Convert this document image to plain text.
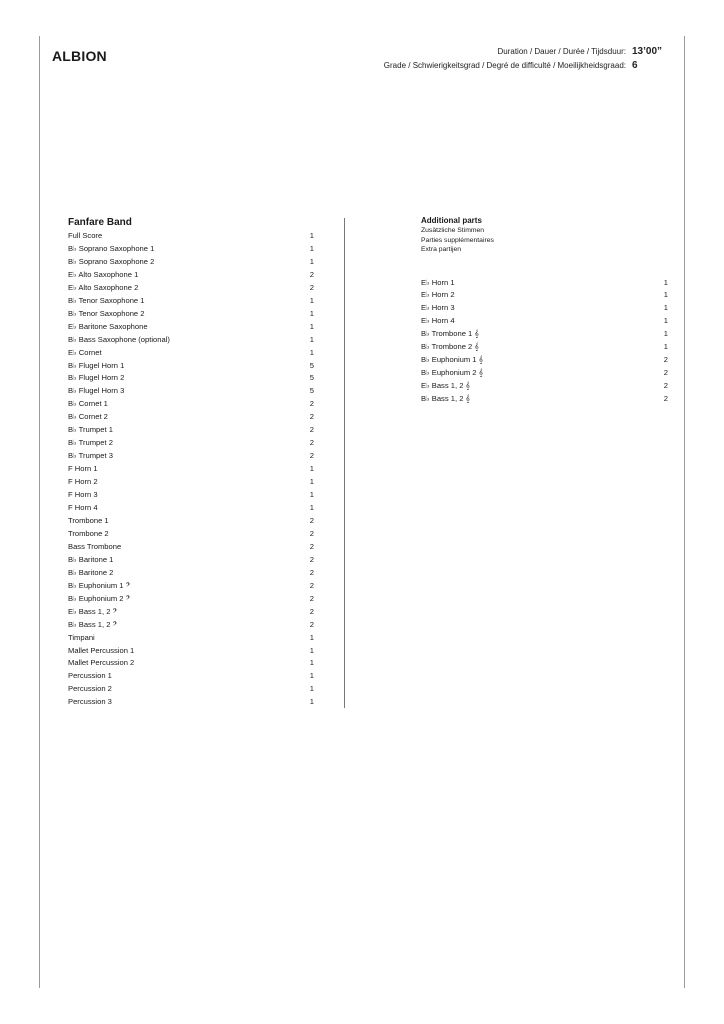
ALBION	Duration / Dauer / Durée / Tijdsduur: 13’00”
Grade / Schwierigkeitsgrad / Degré de difficulté / Moeilijkheidsgraad: 6
Fanfare Band
Full Score	1
B♭ Soprano Saxophone 1	1
B♭ Soprano Saxophone 2	1
E♭ Alto Saxophone 1	2
E♭ Alto Saxophone 2	2
B♭ Tenor Saxophone 1	1
B♭ Tenor Saxophone 2	1
E♭ Baritone Saxophone	1
B♭ Bass Saxophone (optional)	1
E♭ Cornet	1
B♭ Flugel Horn 1	5
B♭ Flugel Horn 2	5
B♭ Flugel Horn 3	5
B♭ Cornet 1	2
B♭ Cornet 2	2
B♭ Trumpet 1	2
B♭ Trumpet 2	2
B♭ Trumpet 3	2
F Horn 1	1
F Horn 2	1
F Horn 3	1
F Horn 4	1
Trombone 1	2
Trombone 2	2
Bass Trombone	2
B♭ Baritone 1	2
B♭ Baritone 2	2
B♭ Euphonium 1 𝄢	2
B♭ Euphonium 2 𝄢	2
E♭ Bass 1, 2 𝄢	2
B♭ Bass 1, 2 𝄢	2
Timpani	1
Mallet Percussion 1	1
Mallet Percussion 2	1
Percussion 1	1
Percussion 2	1
Percussion 3	1
Additional parts
Zusätzliche Stimmen
Parties supplémentaires
Extra partijen
E♭ Horn 1	1
E♭ Horn 2	1
E♭ Horn 3	1
E♭ Horn 4	1
B♭ Trombone 1 𝄞	1
B♭ Trombone 2 𝄞	1
B♭ Euphonium 1 𝄞	2
B♭ Euphonium 2 𝄞	2
E♭ Bass 1, 2 𝄞	2
B♭ Bass 1, 2 𝄞	2
